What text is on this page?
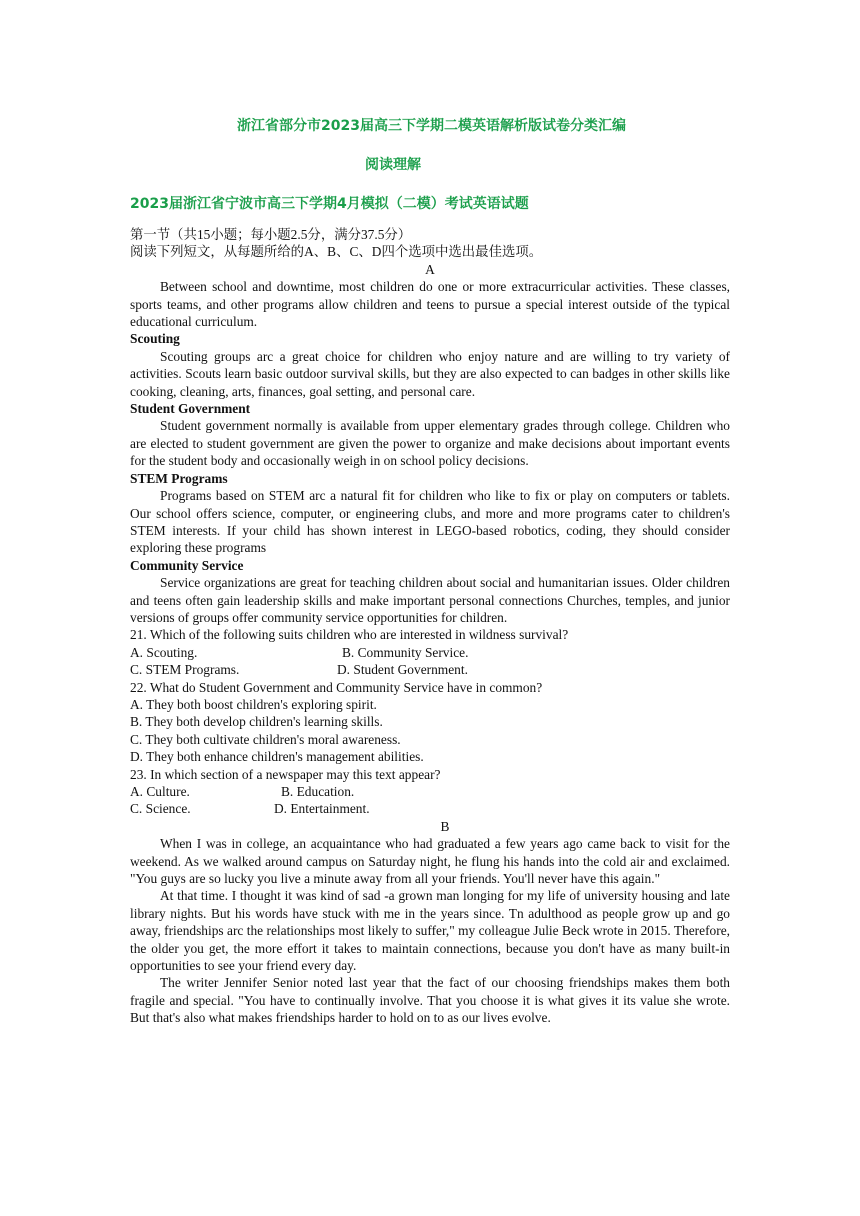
浙江省部分市2023届高三下学期二模英语解析版试卷分类汇编
阅读理解
2023届浙江省宁波市高三下学期4月模拟（二模）考试英语试题

第一节（共15小题；每小题2.5分，满分37.5分）

阅读下列短文，从每题所给的A、B、C、D四个选项中选出最佳选项。

A

Between school and downtime, most children do one or more extracurricular activities. These classes, sports teams, and other programs allow children and teens to pursue a special interest outside of the typical educational curriculum.

Scouting

Scouting groups arc a great choice for children who enjoy nature and are willing to try variety of activities. Scouts learn basic outdoor survival skills, but they are also expected to can badges in other skills like cooking, cleaning, arts, finances, goal setting, and personal care.

Student Government

Student government normally is available from upper elementary grades through college. Children who are elected to student government are given the power to organize and make decisions about important events for the student body and occasionally weigh in on school policy decisions.

STEM Programs

Programs based on STEM arc a natural fit for children who like to fix or play on computers or tablets. Our school offers science, computer, or engineering clubs, and more and more programs cater to children's STEM interests. If your child has shown interest in LEGO-based robotics, coding, they should consider exploring these programs

Community Service

Service organizations are great for teaching children about social and humanitarian issues. Older children and teens often gain leadership skills and make important personal connections Churches, temples, and junior versions of groups offer community service opportunities for children.

21. Which of the following suits children who are interested in wildness survival?

A. Scouting.	B. Community Service.

C. STEM Programs.	D. Student Government.

22. What do Student Government and Community Service have in common?

A. They both boost children's exploring spirit.

B. They both develop children's learning skills.

C. They both cultivate children's moral awareness.

D. They both enhance children's management abilities.

23. In which section of a newspaper may this text appear?

A. Culture.	B. Education.

C. Science.	D. Entertainment.

B

When I was in college, an acquaintance who had graduated a few years ago came back to visit for the weekend. As we walked around campus on Saturday night, he flung his hands into the cold air and exclaimed. "You guys are so lucky you live a minute away from all your friends. You'll never have this again."

At that time. I thought it was kind of sad -a grown man longing for my life of university housing and late library nights. But his words have stuck with me in the years since. Tn adulthood as people grow up and go away, friendships arc the relationships most likely to suffer," my colleague Julie Beck wrote in 2015. Therefore, the older you get, the more effort it takes to maintain connections, because you don't have as many built-in opportunities to see your friend every day.

The writer Jennifer Senior noted last year that the fact of our choosing friendships makes them both fragile and special. "You have to continually involve. That you choose it is what gives it its value she wrote. But that's also what makes friendships harder to hold on to as our lives evolve.
